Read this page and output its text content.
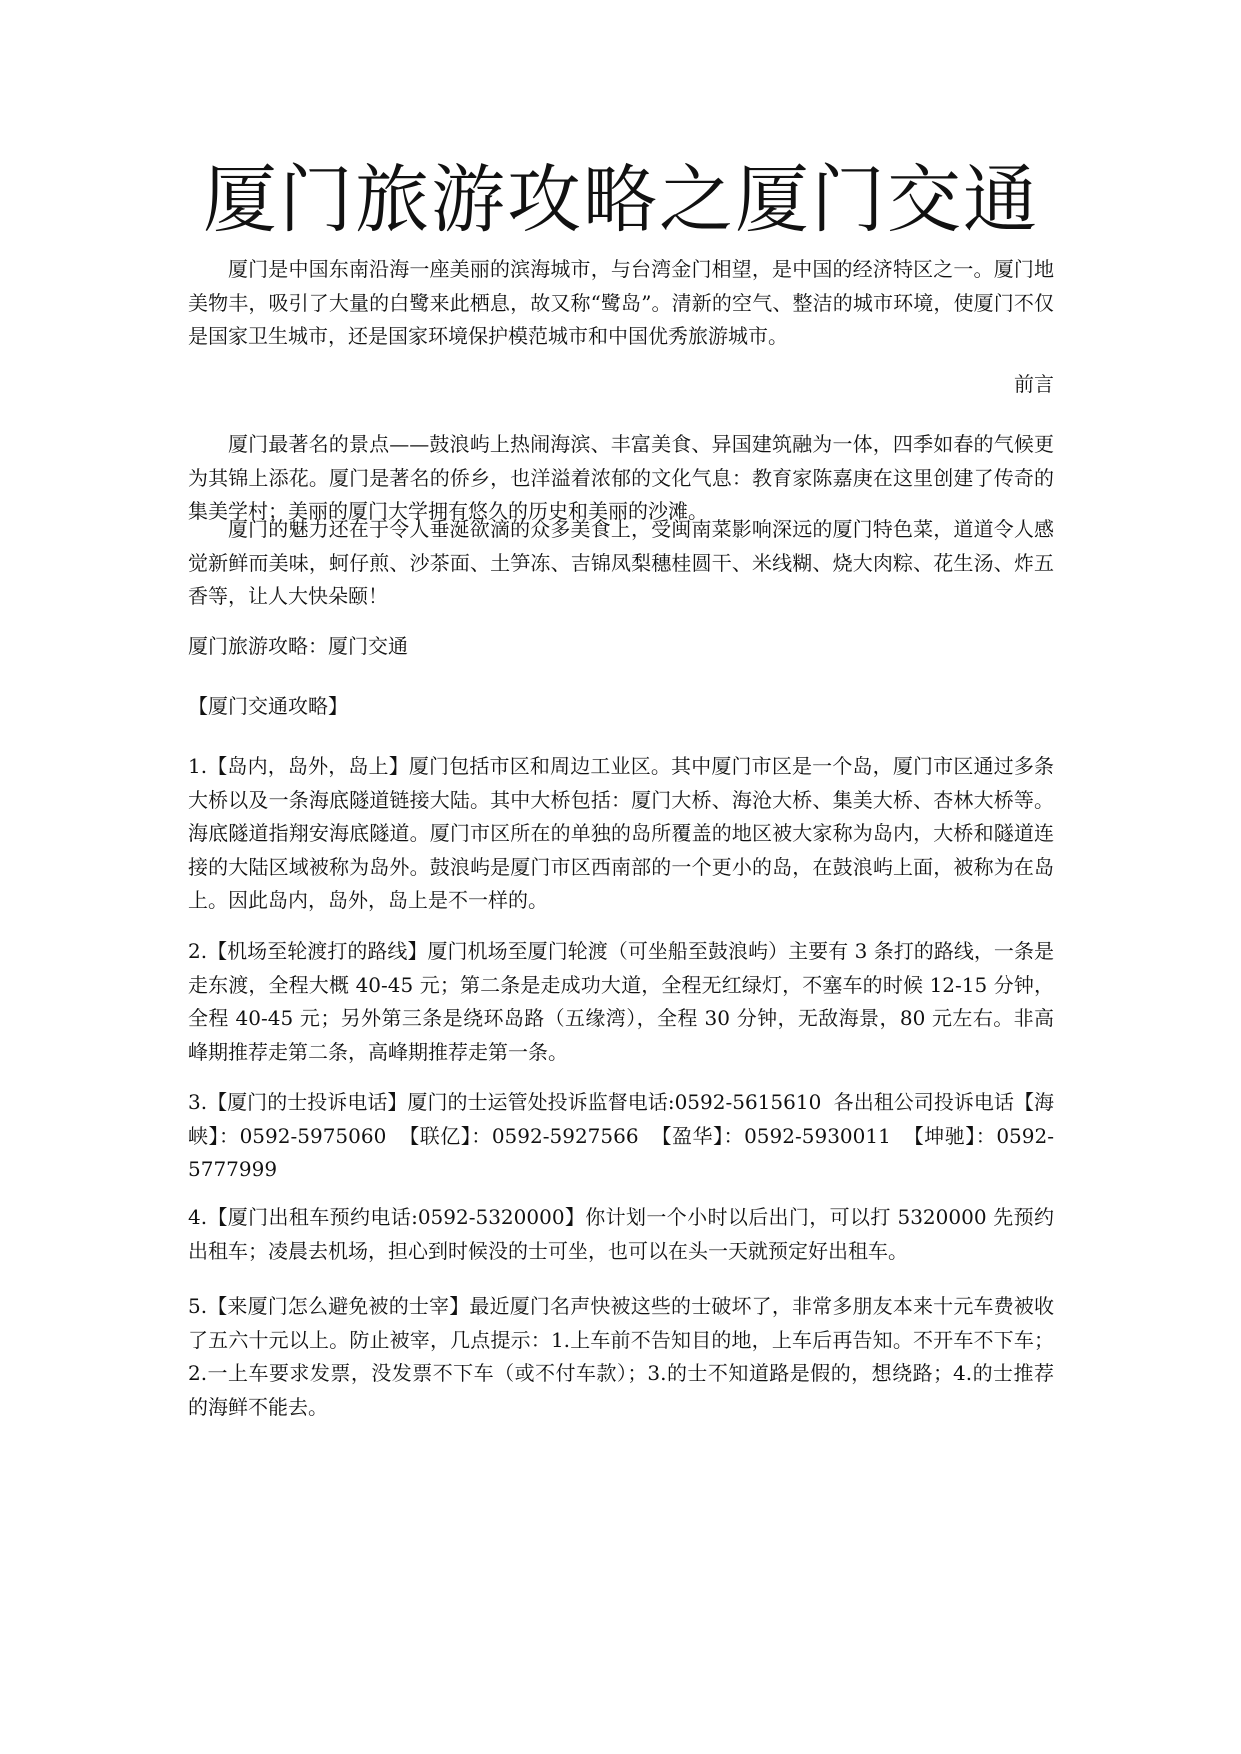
厦门旅游攻略之厦门交通

厦门是中国东南沿海一座美丽的滨海城市，与台湾金门相望，是中国的经济特区之一。厦门地美物丰，吸引了大量的白鹭来此栖息，故又称“鹭岛”。清新的空气、整洁的城市环境，使厦门不仅是国家卫生城市，还是国家环境保护模范城市和中国优秀旅游城市。

前言

厦门最著名的景点——鼓浪屿上热闹海滨、丰富美食、异国建筑融为一体，四季如春的气候更为其锦上添花。厦门是著名的侨乡，也洋溢着浓郁的文化气息：教育家陈嘉庚在这里创建了传奇的集美学村；美丽的厦门大学拥有悠久的历史和美丽的沙滩。

厦门的魅力还在于令人垂涎欲滴的众多美食上，受闽南菜影响深远的厦门特色菜，道道令人感觉新鲜而美味，蚵仔煎、沙茶面、土笋冻、吉锦凤梨穗桂圆干、米线糊、烧大肉粽、花生汤、炸五香等，让人大快朵颐！

厦门旅游攻略：厦门交通

【厦门交通攻略】

1.【岛内，岛外，岛上】厦门包括市区和周边工业区。其中厦门市区是一个岛，厦门市区通过多条大桥以及一条海底隧道链接大陆。其中大桥包括：厦门大桥、海沧大桥、集美大桥、杏林大桥等。海底隧道指翔安海底隧道。厦门市区所在的单独的岛所覆盖的地区被大家称为岛内，大桥和隧道连接的大陆区域被称为岛外。鼓浪屿是厦门市区西南部的一个更小的岛，在鼓浪屿上面，被称为在岛上。因此岛内，岛外，岛上是不一样的。

2.【机场至轮渡打的路线】厦门机场至厦门轮渡（可坐船至鼓浪屿）主要有 3 条打的路线，一条是走东渡，全程大概 40-45 元；第二条是走成功大道，全程无红绿灯，不塞车的时候 12-15 分钟，全程 40-45 元；另外第三条是绕环岛路（五缘湾），全程 30 分钟，无敌海景，80 元左右。非高峰期推荐走第二条，高峰期推荐走第一条。

3.【厦门的士投诉电话】厦门的士运管处投诉监督电话:0592-5615610 各出租公司投诉电话【海峡】：0592-5975060 【联亿】：0592-5927566 【盈华】：0592-5930011 【坤驰】：0592-5777999

4.【厦门出租车预约电话:0592-5320000】你计划一个小时以后出门，可以打 5320000 先预约出租车；凌晨去机场，担心到时候没的士可坐，也可以在头一天就预定好出租车。

5.【来厦门怎么避免被的士宰】最近厦门名声快被这些的士破坏了，非常多朋友本来十元车费被收了五六十元以上。防止被宰，几点提示：1.上车前不告知目的地，上车后再告知。不开车不下车；2.一上车要求发票，没发票不下车（或不付车款）；3.的士不知道路是假的，想绕路；4.的士推荐的海鲜不能去。
